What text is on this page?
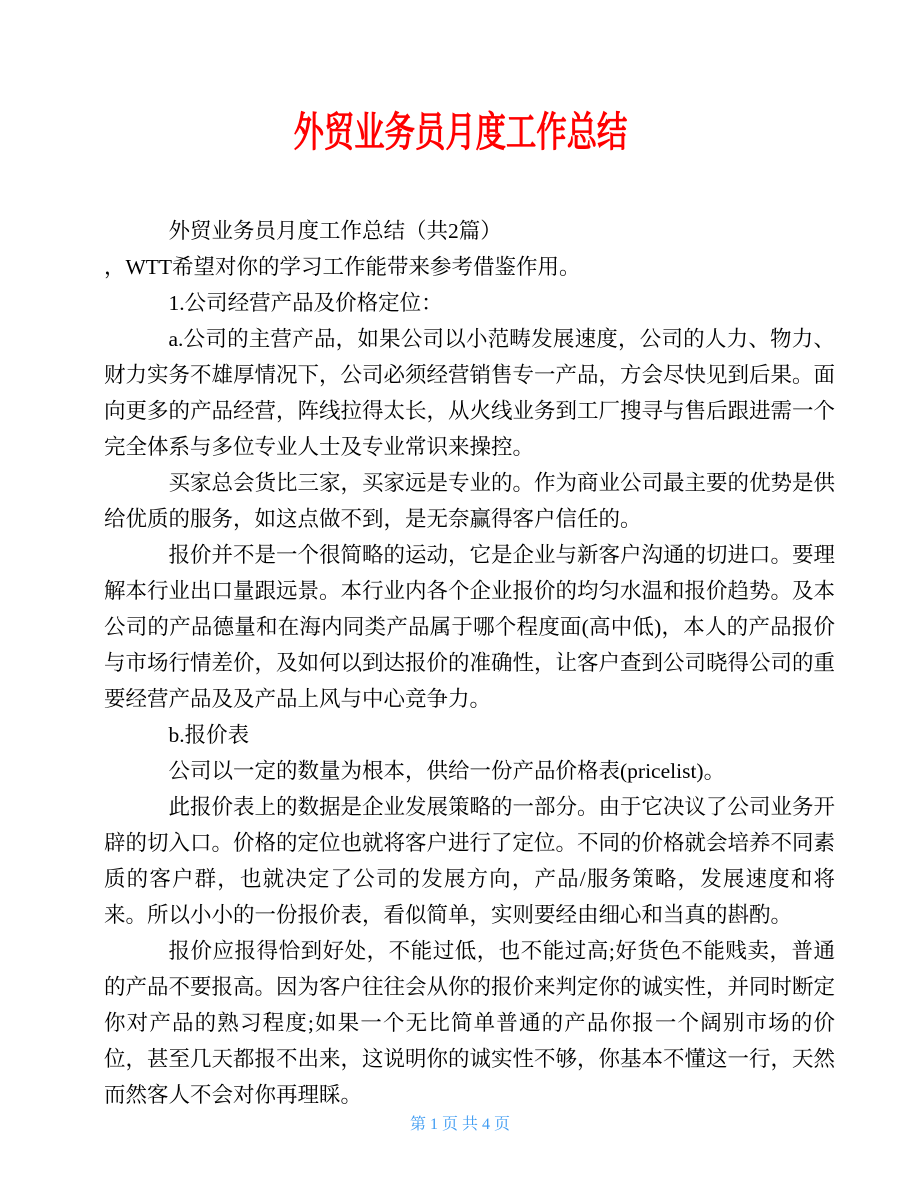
外贸业务员月度工作总结

外贸业务员月度工作总结（共2篇）

，WTT希望对你的学习工作能带来参考借鉴作用。

1.公司经营产品及价格定位：

a.公司的主营产品，如果公司以小范畴发展速度，公司的人力、物力、财力实务不雄厚情况下，公司必须经营销售专一产品，方会尽快见到后果。面向更多的产品经营，阵线拉得太长，从火线业务到工厂搜寻与售后跟进需一个完全体系与多位专业人士及专业常识来操控。

买家总会货比三家，买家远是专业的。作为商业公司最主要的优势是供给优质的服务，如这点做不到，是无奈赢得客户信任的。

报价并不是一个很简略的运动，它是企业与新客户沟通的切进口。要理解本行业出口量跟远景。本行业内各个企业报价的均匀水温和报价趋势。及本公司的产品德量和在海内同类产品属于哪个程度面(高中低)，本人的产品报价与市场行情差价，及如何以到达报价的准确性，让客户查到公司晓得公司的重要经营产品及及产品上风与中心竞争力。

b.报价表

公司以一定的数量为根本，供给一份产品价格表(pricelist)。

此报价表上的数据是企业发展策略的一部分。由于它决议了公司业务开辟的切入口。价格的定位也就将客户进行了定位。不同的价格就会培养不同素质的客户群，也就决定了公司的发展方向，产品/服务策略，发展速度和将来。所以小小的一份报价表，看似简单，实则要经由细心和当真的斟酌。

报价应报得恰到好处，不能过低，也不能过高;好货色不能贱卖，普通的产品不要报高。因为客户往往会从你的报价来判定你的诚实性，并同时断定你对产品的熟习程度;如果一个无比简单普通的产品你报一个阔别市场的价位，甚至几天都报不出来，这说明你的诚实性不够，你基本不懂这一行，天然而然客人不会对你再理睬。

第 1 页 共 4 页
